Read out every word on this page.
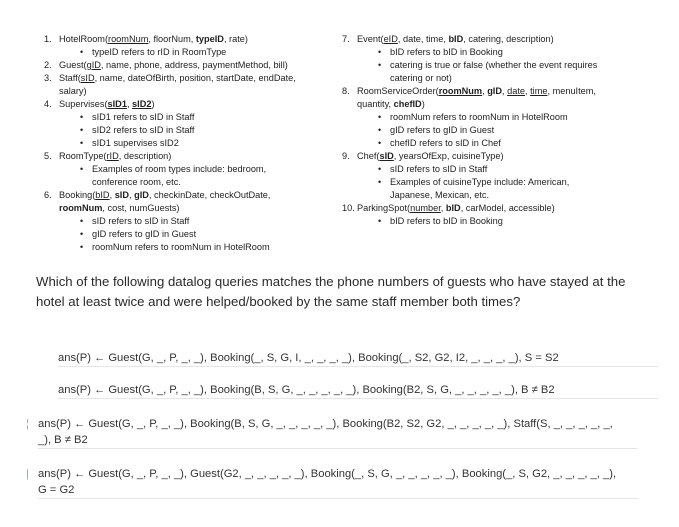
1. HotelRoom(roomNum, floorNum, typeID, rate)
• typeID refers to rID in RoomType
2. Guest(gID, name, phone, address, paymentMethod, bill)
3. Staff(sID, name, dateOfBirth, position, startDate, endDate,
salary)
4. Supervises(sID1, sID2)
• sID1 refers to sID in Staff
• sID2 refers to sID in Staff
• sID1 supervises sID2
5. RoomType(rID, description)
• Examples of room types include: bedroom,
conference room, etc.
6. Booking(bID, sID, gID, checkinDate, checkOutDate,
roomNum, cost, numGuests)
• sID refers to sID in Staff
• gID refers to gID in Guest
• roomNum refers to roomNum in HotelRoom
7. Event(eID, date, time, bID, catering, description)
• bID refers to bID in Booking
• catering is true or false (whether the event requires
catering or not)
8. RoomServiceOrder(roomNum, gID, date, time, menuItem,
quantity, chefID)
• roomNum refers to roomNum in HotelRoom
• gID refers to gID in Guest
• chefID refers to sID in Chef
9. Chef(sID, yearsOfExp, cuisineType)
• sID refers to sID in Staff
• Examples of cuisineType include: American,
Japanese, Mexican, etc.
10. ParkingSpot(number, bID, carModel, accessible)
• bID refers to bID in Booking
Which of the following datalog queries matches the phone numbers of guests who have stayed at the hotel at least twice and were helped/booked by the same staff member both times?
ans(P) ← Guest(G, _, P, _, _), Booking(_, S, G, I, _, _, _, _), Booking(_, S2, G2, I2, _, _, _, _), S = S2
ans(P) ← Guest(G, _, P, _, _), Booking(B, S, G, _, _, _, _, _), Booking(B2, S, G, _, _, _, _, _), B ≠ B2
¦ ans(P) ← Guest(G, _, P, _, _), Booking(B, S, G, _, _, _, _, _), Booking(B2, S2, G2, _, _, _, _, _), Staff(S, _, _, _, _, _,
_), B ≠ B2
| ans(P) ← Guest(G, _, P, _, _), Guest(G2, _, _, _, _, _), Booking(_, S, G, _, _, _, _, _), Booking(_, S, G2, _, _, _, _, _),
G = G2
